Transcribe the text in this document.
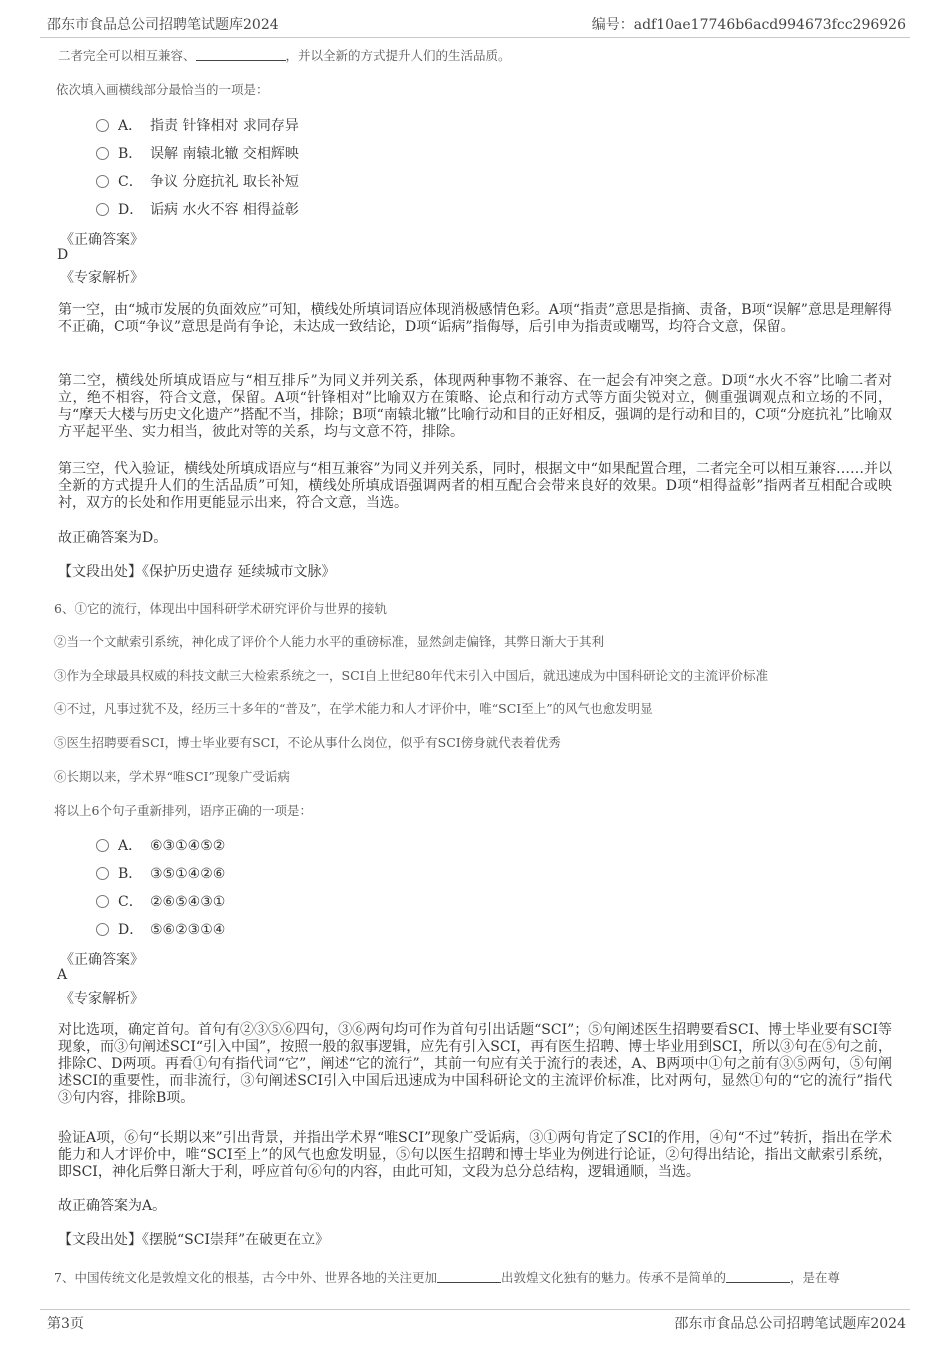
邵东市食品总公司招聘笔试题库2024	编号：adf10ae17746b6acd994673fcc296926
二者完全可以相互兼容、	，并以全新的方式提升人们的生活品质。
依次填入画横线部分最恰当的一项是：
A． 指责 针锋相对 求同存异
B． 误解 南辕北辙 交相辉映
C． 争议 分庭抗礼 取长补短
D． 诟病 水火不容 相得益彰
《正确答案》
D
《专家解析》
第一空，由“城市发展的负面效应”可知，横线处所填词语应体现消极感情色彩。A项“指责”意思是指摘、责备，B项“误解”意思是理解得不正确，C项“争议”意思是尚有争论，未达成一致结论，D项“诟病”指侮辱，后引申为指责或嘲骂，均符合文意，保留。
第二空，横线处所填成语应与“相互排斥”为同义并列关系，体现两种事物不兼容、在一起会有冲突之意。D项“水火不容”比喻二者对立，绝不相容，符合文意，保留。A项“针锋相对”比喻双方在策略、论点和行动方式等方面尖锐对立，侧重强调观点和立场的不同，与“摩天大楼与历史文化遗产”搭配不当，排除；B项“南辕北辙”比喻行动和目的正好相反，强调的是行动和目的，C项“分庭抗礼”比喻双方平起平坐、实力相当，彼此对等的关系，均与文意不符，排除。
第三空，代入验证，横线处所填成语应与“相互兼容”为同义并列关系，同时，根据文中“如果配置合理，二者完全可以相互兼容……并以全新的方式提升人们的生活品质”可知，横线处所填成语强调两者的相互配合会带来良好的效果。D项“相得益彰”指两者互相配合或映衬，双方的长处和作用更能显示出来，符合文意，当选。
故正确答案为D。
【文段出处】《保护历史遗存 延续城市文脉》
6、①它的流行，体现出中国科研学术研究评价与世界的接轨
②当一个文献索引系统，神化成了评价个人能力水平的重磅标准，显然剑走偏锋，其弊日渐大于其利
③作为全球最具权威的科技文献三大检索系统之一，SCI自上世纪80年代末引入中国后，就迅速成为中国科研论文的主流评价标准
④不过，凡事过犹不及，经历三十多年的“普及”，在学术能力和人才评价中，唯“SCI至上”的风气也愈发明显
⑤医生招聘要看SCI，博士毕业要有SCI，不论从事什么岗位，似乎有SCI傍身就代表着优秀
⑥长期以来，学术界“唯SCI”现象广受诟病
将以上6个句子重新排列，语序正确的一项是：
A． ⑥③①④⑤②
B． ③⑤①④②⑥
C． ②⑥⑤④③①
D． ⑤⑥②③①④
《正确答案》
A
《专家解析》
对比选项，确定首句。首句有②③⑤⑥四句，③⑥两句均可作为首句引出话题“SCI”；⑤句阐述医生招聘要看SCI、博士毕业要有SCI等现象，而③句阐述SCI“引入中国”，按照一般的叙事逻辑，应先有引入SCI，再有医生招聘、博士毕业用到SCI，所以③句在⑤句之前，排除C、D两项。再看①句有指代词“它”，阐述“它的流行”，其前一句应有关于流行的表述，A、B两项中①句之前有③⑤两句，⑤句阐述SCI的重要性，而非流行，③句阐述SCI引入中国后迅速成为中国科研论文的主流评价标准，比对两句，显然①句的“它的流行”指代③句内容，排除B项。
验证A项，⑥句“长期以来”引出背景，并指出学术界“唯SCI”现象广受诟病，③①两句肯定了SCI的作用，④句“不过”转折，指出在学术能力和人才评价中，唯“SCI至上”的风气也愈发明显，⑤句以医生招聘和博士毕业为例进行论证，②句得出结论，指出文献索引系统，即SCI，神化后弊日渐大于利，呼应首句⑥句的内容，由此可知，文段为总分总结构，逻辑通顺，当选。
故正确答案为A。
【文段出处】《摆脱“SCI崇拜”在破更在立》
7、中国传统文化是敦煌文化的根基，古今中外、世界各地的关注更加	出敦煌文化独有的魅力。传承不是简单的	，是在尊
第3页	邵东市食品总公司招聘笔试题库2024
